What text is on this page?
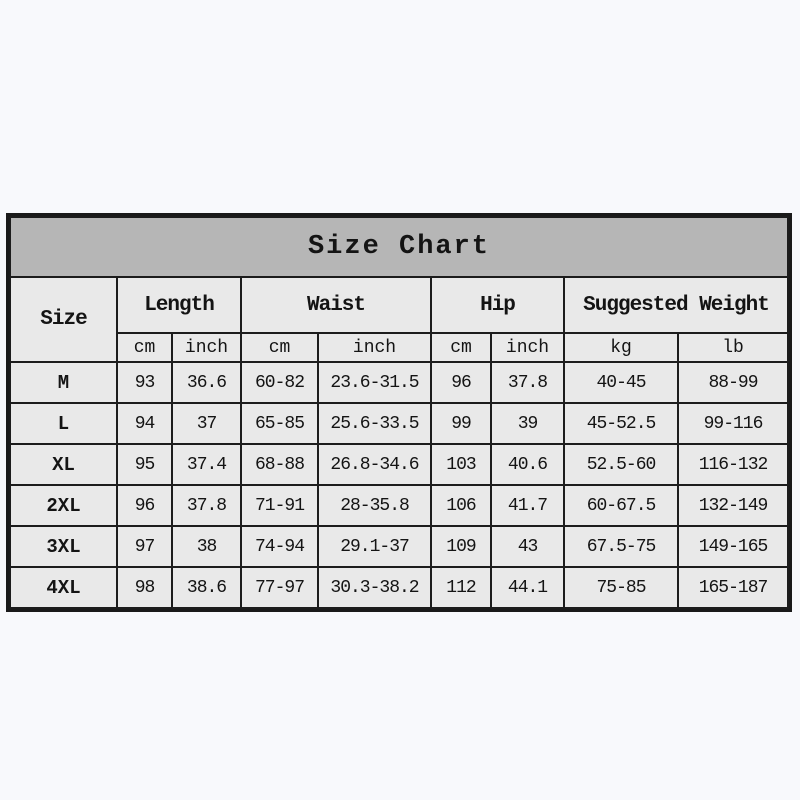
Size Chart								
Size	Length		Waist		Hip		Suggested Weight	
	cm	inch	cm	inch	cm	inch	kg	lb
M	93	36.6	60-82	23.6-31.5	96	37.8	40-45	88-99
L	94	37	65-85	25.6-33.5	99	39	45-52.5	99-116
XL	95	37.4	68-88	26.8-34.6	103	40.6	52.5-60	116-132
2XL	96	37.8	71-91	28-35.8	106	41.7	60-67.5	132-149
3XL	97	38	74-94	29.1-37	109	43	67.5-75	149-165
4XL	98	38.6	77-97	30.3-38.2	112	44.1	75-85	165-187
